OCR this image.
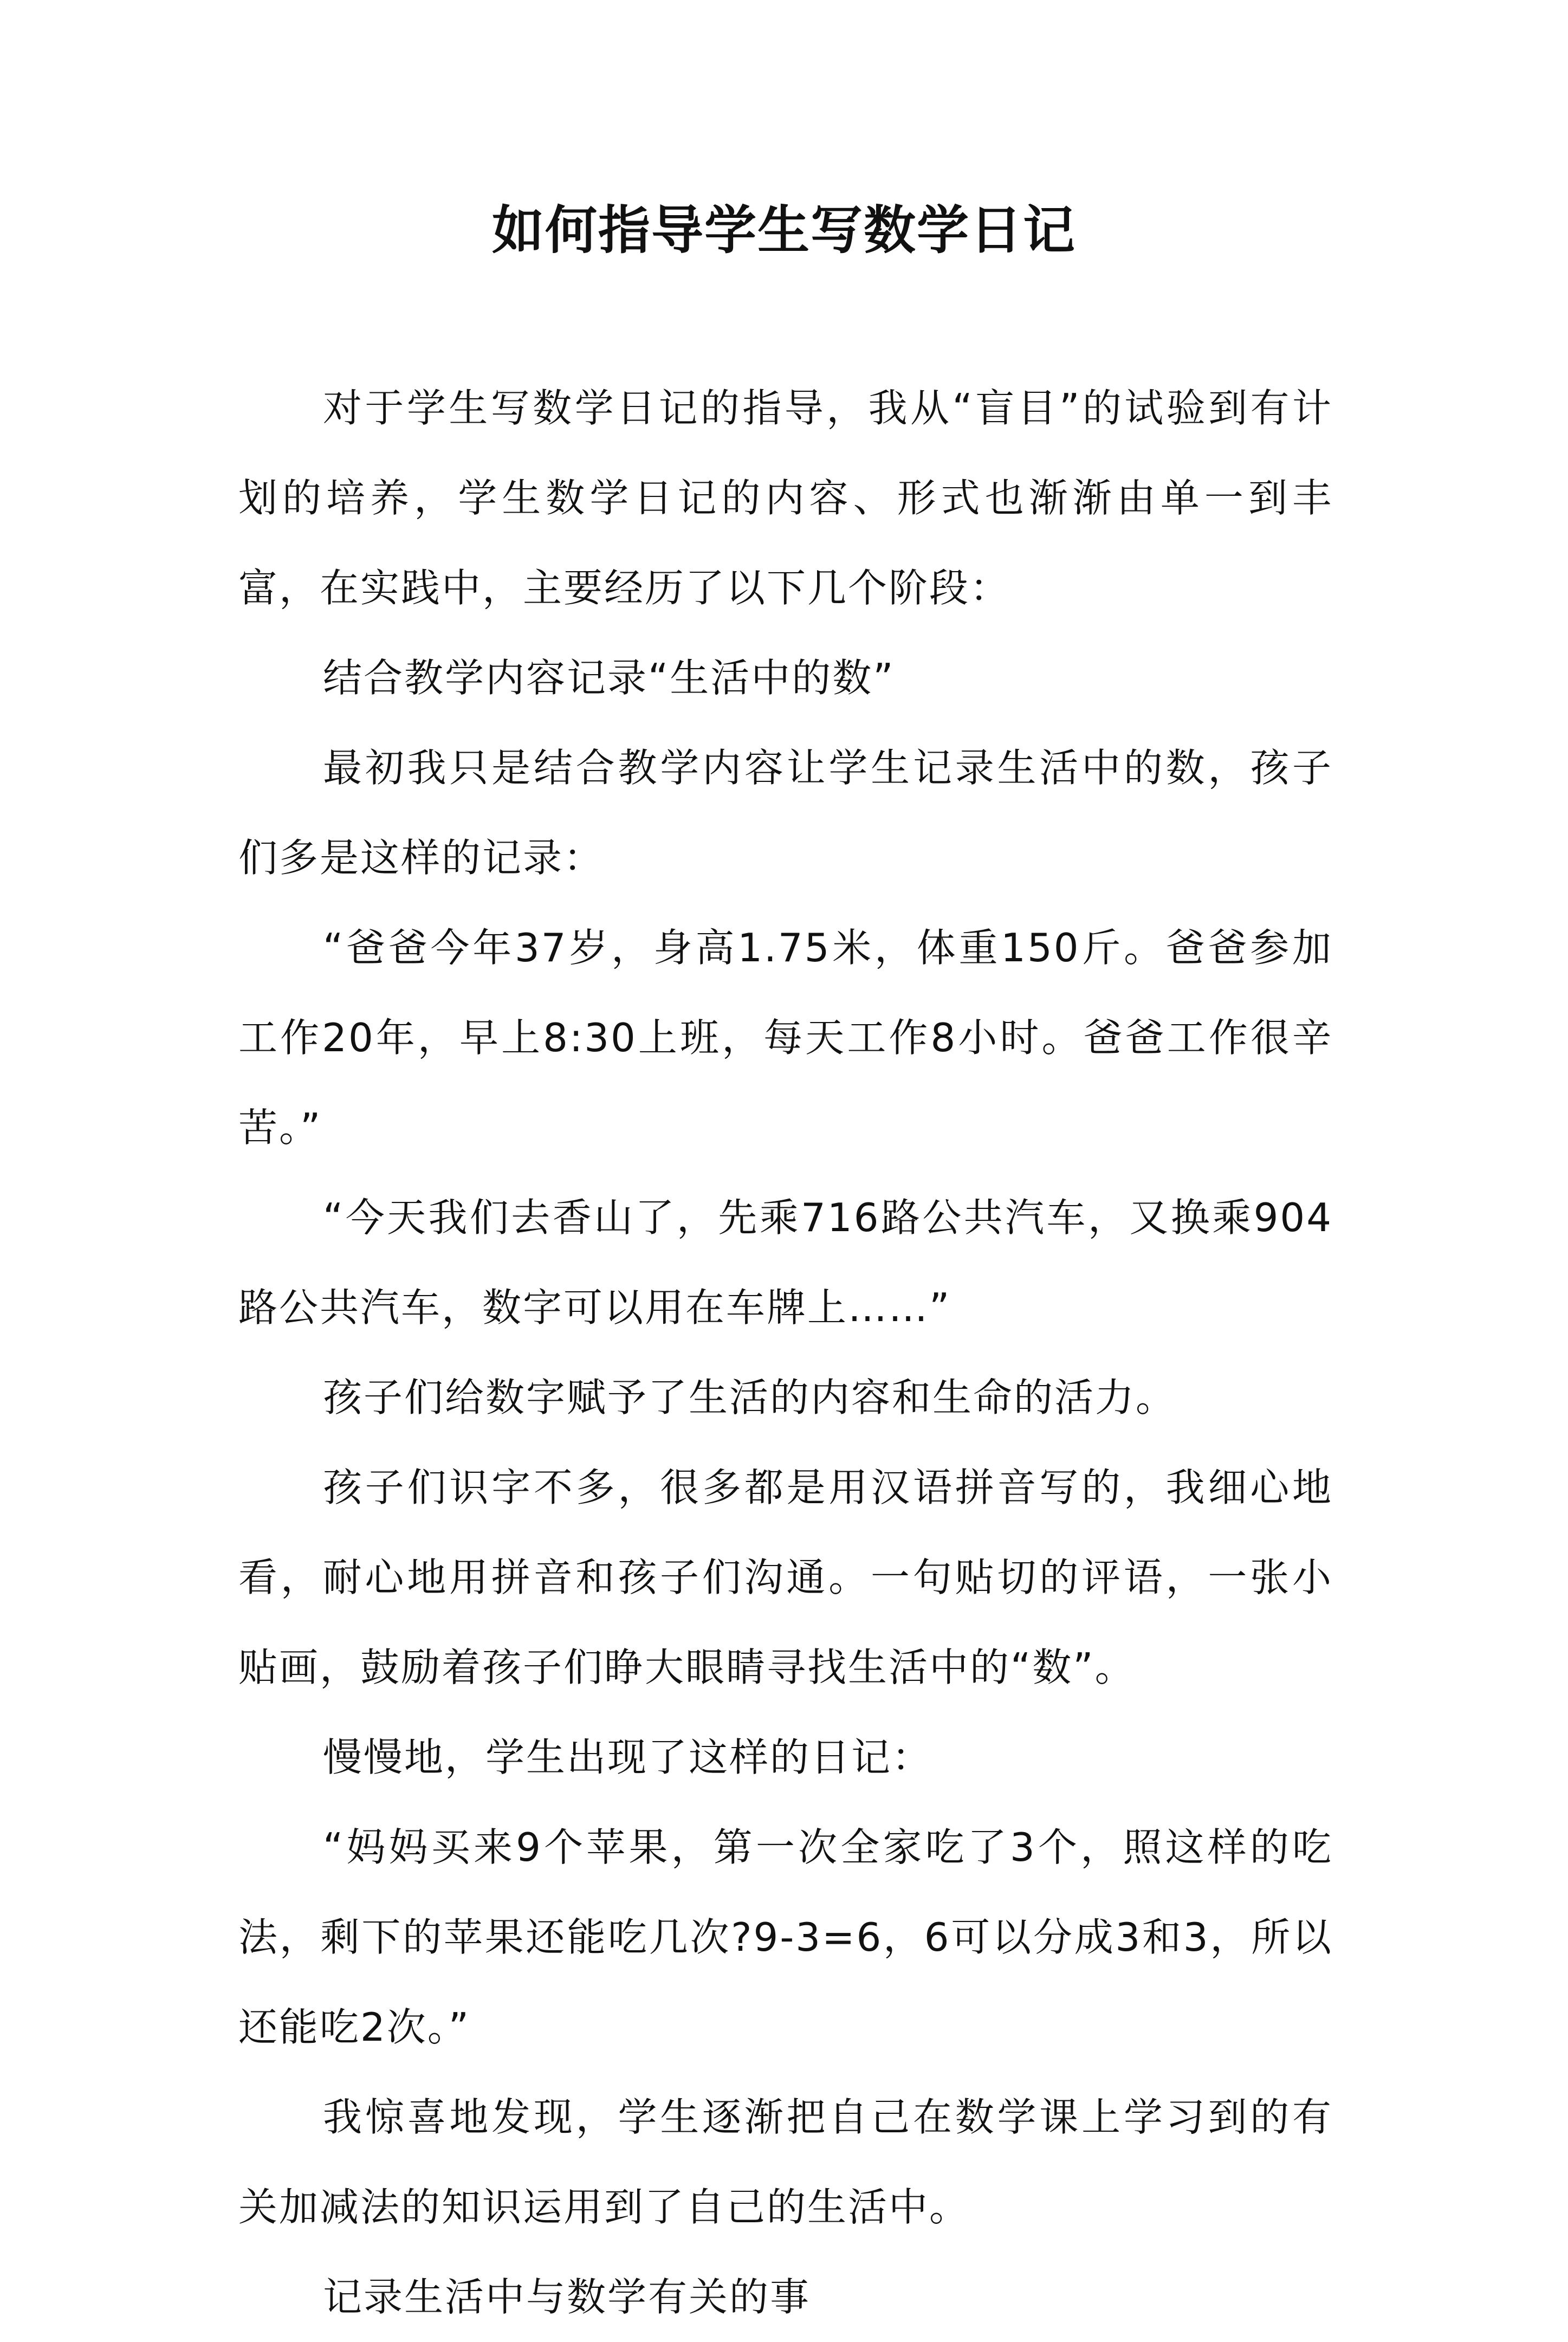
如何指导学生写数学日记

对于学生写数学日记的指导，我从“盲目”的试验到有计划的培养，学生数学日记的内容、形式也渐渐由单一到丰富，在实践中，主要经历了以下几个阶段：

结合教学内容记录“生活中的数”

最初我只是结合教学内容让学生记录生活中的数，孩子们多是这样的记录：

“爸爸今年37岁，身高1.75米，体重150斤。爸爸参加工作20年，早上8:30上班，每天工作8小时。爸爸工作很辛苦。”

“今天我们去香山了，先乘716路公共汽车，又换乘904路公共汽车，数字可以用在车牌上……”

孩子们给数字赋予了生活的内容和生命的活力。

孩子们识字不多，很多都是用汉语拼音写的，我细心地看，耐心地用拼音和孩子们沟通。一句贴切的评语，一张小贴画，鼓励着孩子们睁大眼睛寻找生活中的“数”。

慢慢地，学生出现了这样的日记：

“妈妈买来9个苹果，第一次全家吃了3个，照这样的吃法，剩下的苹果还能吃几次?9-3=6，6可以分成3和3，所以还能吃2次。”

我惊喜地发现，学生逐渐把自己在数学课上学习到的有关加减法的知识运用到了自己的生活中。

记录生活中与数学有关的事
